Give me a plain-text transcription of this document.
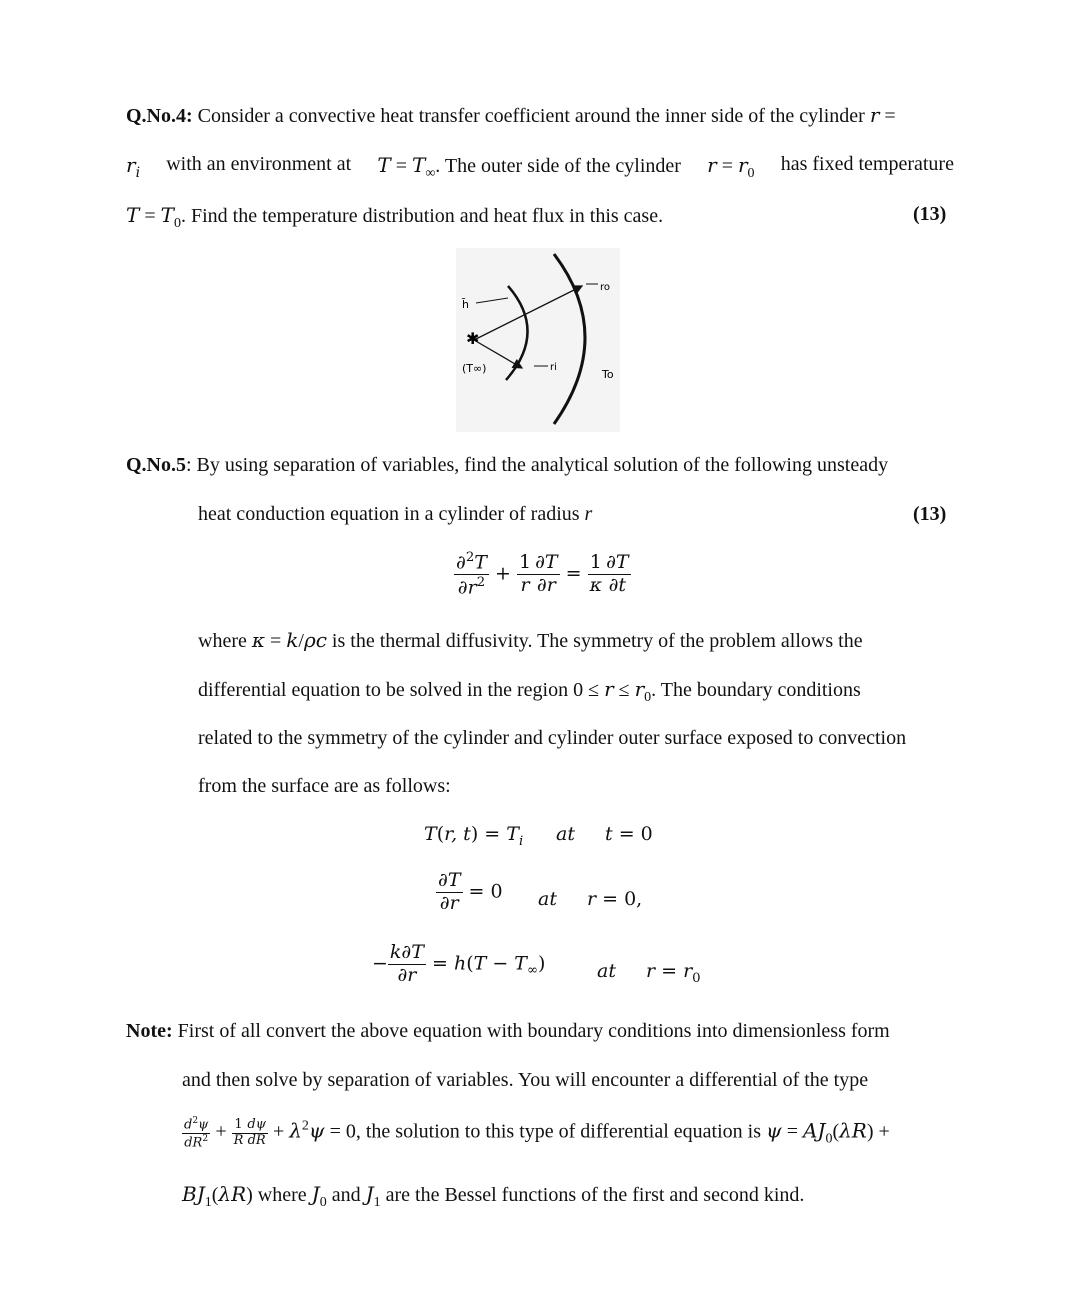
Q.No.4: Consider a convective heat transfer coefficient around the inner side of the cylinder r =
$r_i$ with an environment at $T = T_\infty$. The outer side of the cylinder $r = r_0$ has fixed temperature
$T = T_0$. Find the temperature distribution and heat flux in this case.	(13)
✱
h̄
(T∞)
ro
ri
To
Q.No.5: By using separation of variables, find the analytical solution of the following unsteady
heat conduction equation in a cylinder of radius r	(13)
$\frac{\partial^2T}{\partial r^2} + \frac{1}{r} \frac{\partial T}{\partial r} = \frac{1}{\kappa} \frac{\partial T}{\partial t}$
where κ = k/ρc is the thermal diffusivity. The symmetry of the problem allows the
differential equation to be solved in the region $0 \le r \le r_0$. The boundary conditions
related to the symmetry of the cylinder and cylinder outer surface exposed to convection
from the surface are as follows:
T(r, $t) = T_i$ at t = 0
$\frac{\partial T}{\partial r} = 0$ at r = 0,
− $\frac{k\partial T}{\partial r} = h(T - T_\infty)$	at $r = r_0$
Note: First of all convert the above equation with boundary conditions into dimensionless form
and then solve by separation of variables. You will encounter a differential of the type
$\frac{d^2\psi}{dR^2} + \frac{1}{R} \frac{d\psi}{dR} + \lambda^2\psi = 0$, the solution to this type of differential equation is $\psi = AJ_0(\lambda R)$ +
$BJ_1(\lambda R)$ where $J_0$ and $J_1$ are the Bessel functions of the first and second kind.
